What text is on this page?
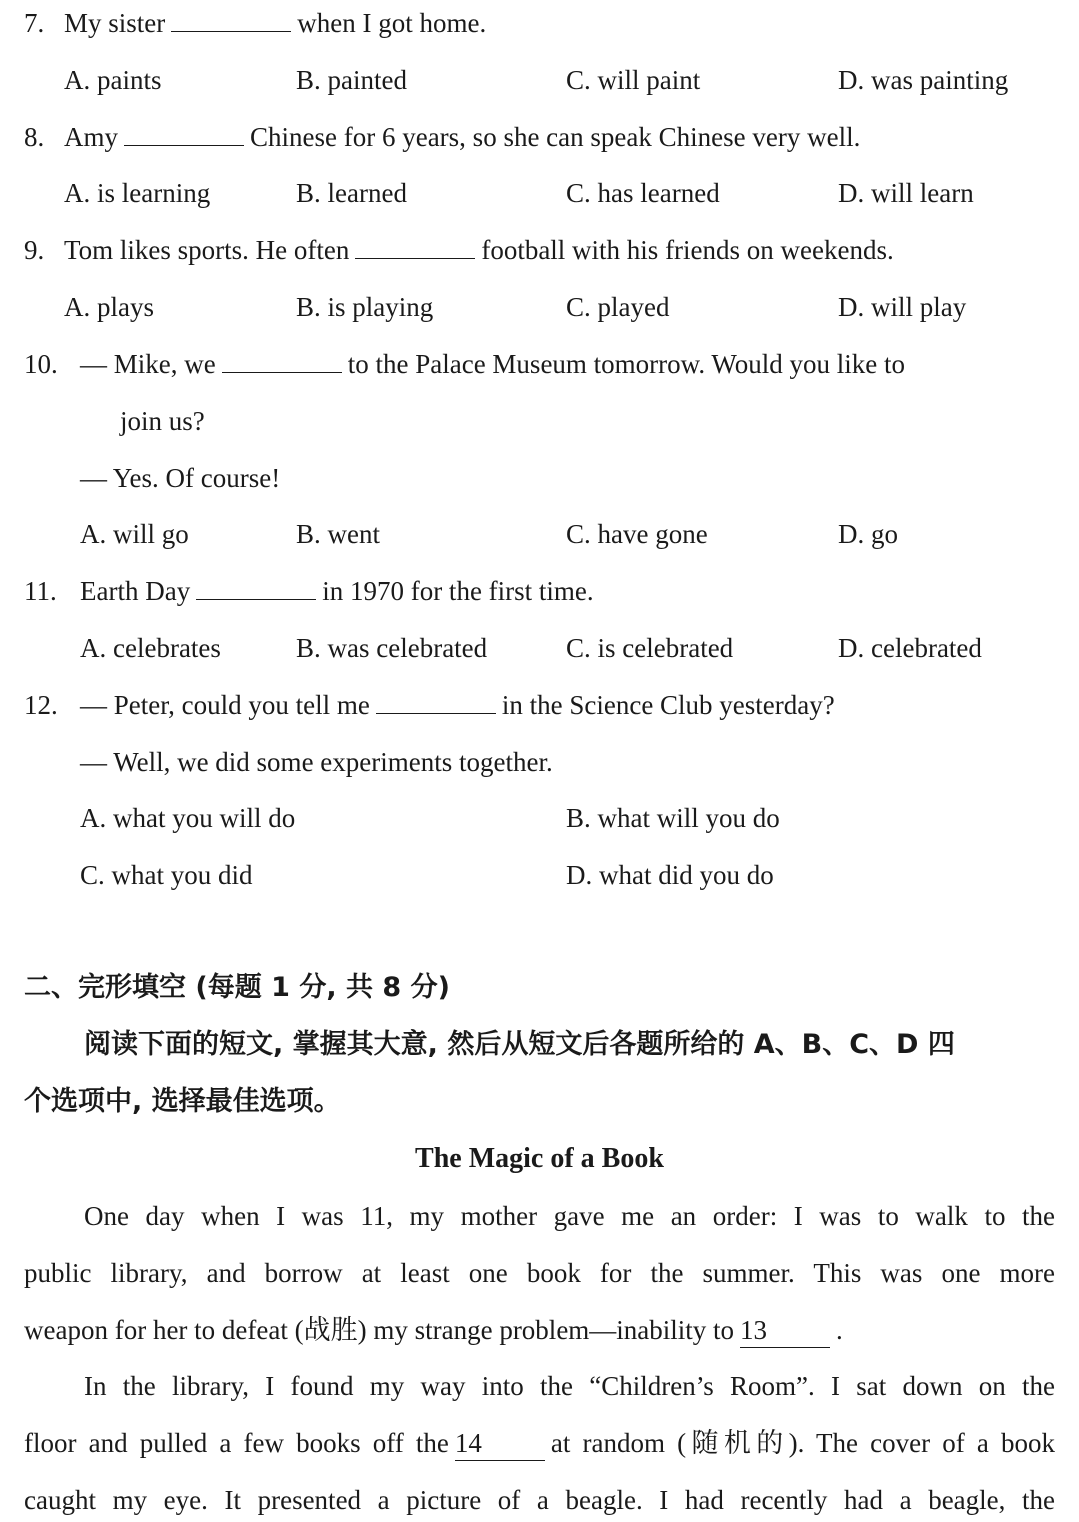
7. My sister	when I got home.
A. paints	B. painted	C. will paint	D. was painting
8. Amy	Chinese for 6 years, so she can speak Chinese very well.
A. is learning	B. learned	C. has learned	D. will learn
9. Tom likes sports. He often	football with his friends on weekends.
A. plays	B. is playing	C. played	D. will play
10. — Mike, we	to the Palace Museum tomorrow. Would you like to
join us?
— Yes. Of course!
A. will go	B. went	C. have gone	D. go
11. Earth Day	in 1970 for the first time.
A. celebrates	B. was celebrated	C. is celebrated	D. celebrated
12. — Peter, could you tell me	in the Science Club yesterday?
— Well, we did some experiments together.
A. what you will do	B. what will you do
C. what you did	D. what did you do
二、完形填空 (每题 1 分, 共 8 分)
阅读下面的短文, 掌握其大意, 然后从短文后各题所给的 A、B、C、D 四
个选项中, 选择最佳选项。
The Magic of a Book
One day when I was 11, my mother gave me an order: I was to walk to the
public library, and borrow at least one book for the summer. This was one more
weapon for her to defeat (战胜) my strange problem—inability to 13	.
In the library, I found my way into the “Children’s Room”. I sat down on the
floor and pulled a few books off the 14	at random (随机的). The cover of a book
caught my eye. It presented a picture of a beagle. I had recently had a beagle, the
